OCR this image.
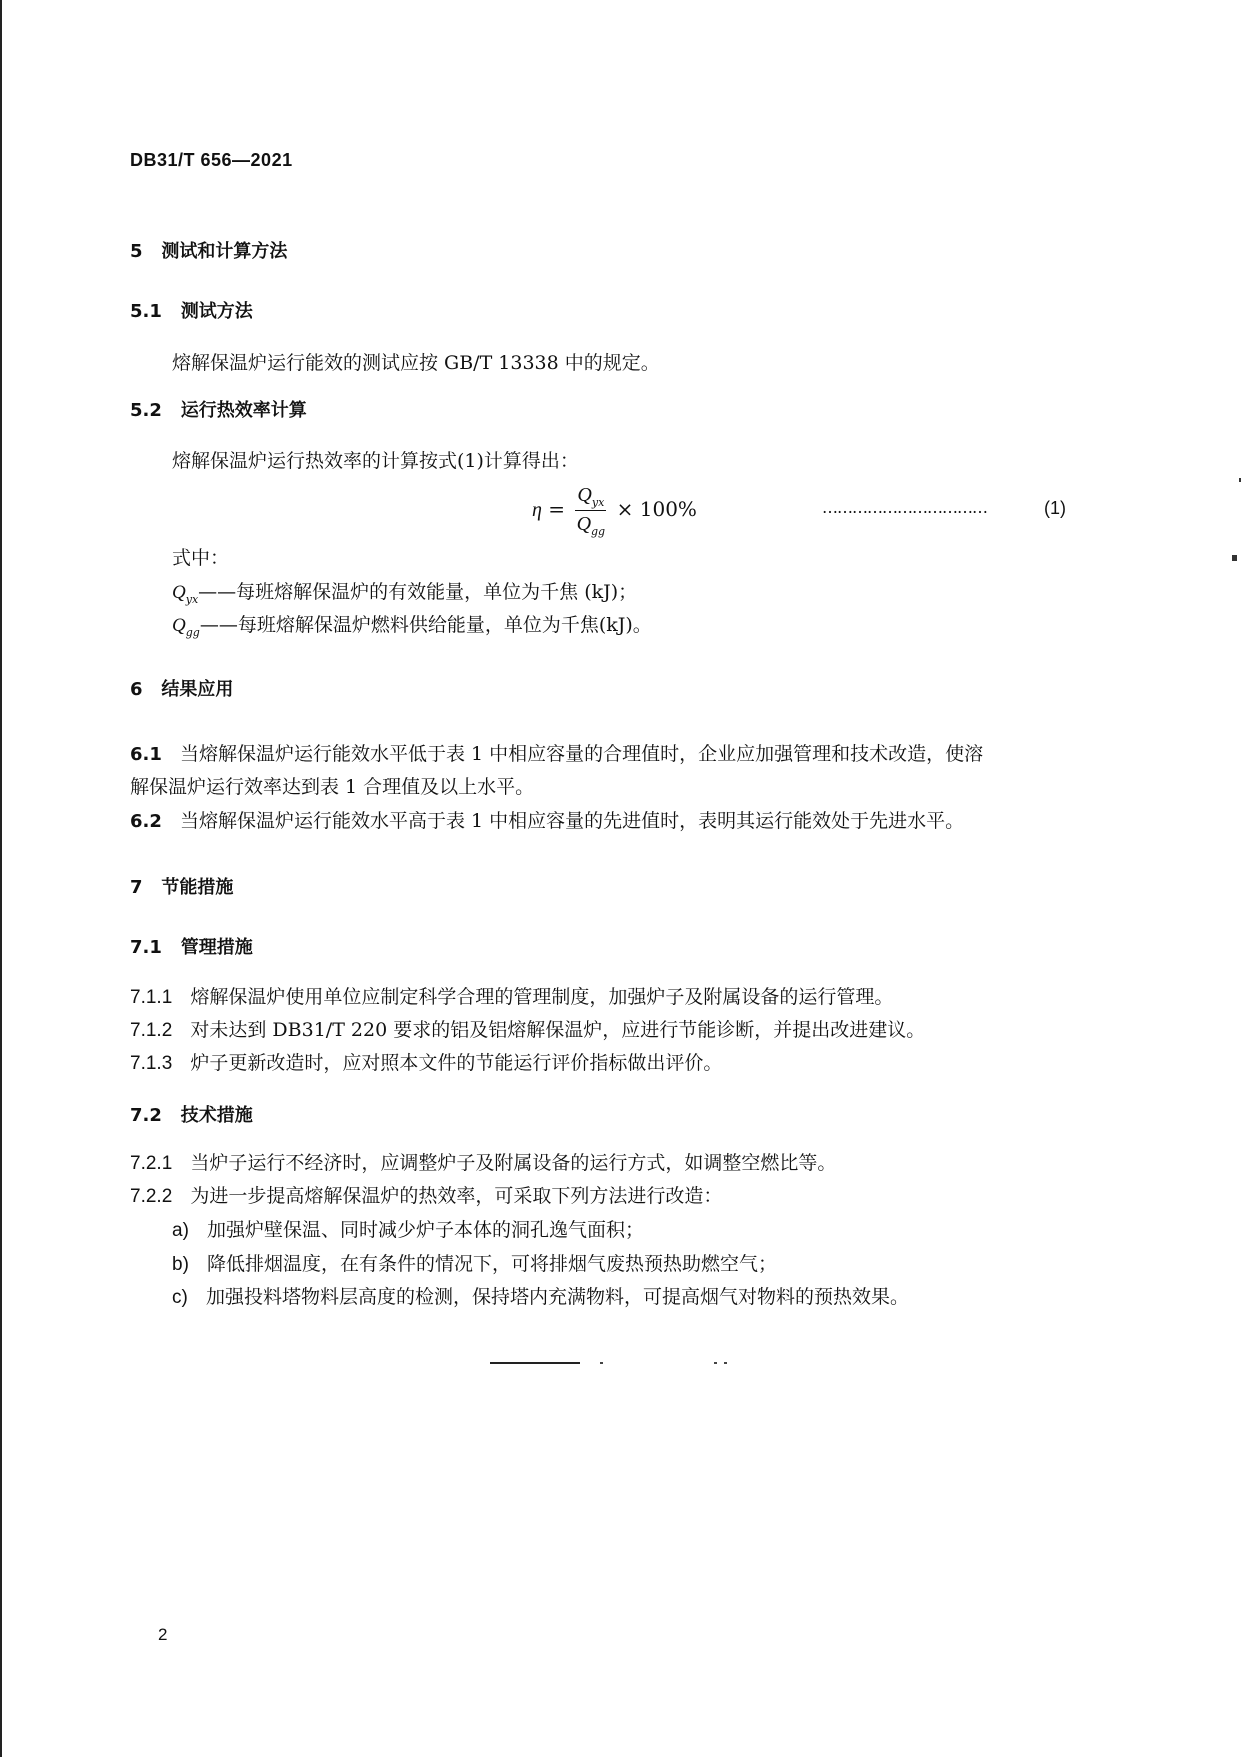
DB31/T 656—2021
5 测试和计算方法
5.1 测试方法
熔解保温炉运行能效的测试应按 GB/T 13338 中的规定。
5.2 运行热效率计算
熔解保温炉运行热效率的计算按式(1)计算得出：
$\eta = \frac{Q_{yx}}{Q_{gg}} \times 100\%$	……………………………	(1)
式中：
$Q_{yx}——$每班熔解保温炉的有效能量，单位为千焦 (kJ)；
$Q_{gg}——$每班熔解保温炉燃料供给能量，单位为千焦(kJ)。
6 结果应用
6.1 当熔解保温炉运行能效水平低于表 1 中相应容量的合理值时，企业应加强管理和技术改造，使溶
解保温炉运行效率达到表 1 合理值及以上水平。
6.2 当熔解保温炉运行能效水平高于表 1 中相应容量的先进值时，表明其运行能效处于先进水平。
7 节能措施
7.1 管理措施
7.1.1 熔解保温炉使用单位应制定科学合理的管理制度，加强炉子及附属设备的运行管理。
7.1.2 对未达到 DB31/T 220 要求的铝及铝熔解保温炉，应进行节能诊断，并提出改进建议。
7.1.3 炉子更新改造时，应对照本文件的节能运行评价指标做出评价。
7.2 技术措施
7.2.1 当炉子运行不经济时，应调整炉子及附属设备的运行方式，如调整空燃比等。
7.2.2 为进一步提高熔解保温炉的热效率，可采取下列方法进行改造：
a) 加强炉壁保温、同时减少炉子本体的洞孔逸气面积；
b) 降低排烟温度，在有条件的情况下，可将排烟气废热预热助燃空气；
c) 加强投料塔物料层高度的检测，保持塔内充满物料，可提高烟气对物料的预热效果。
2
